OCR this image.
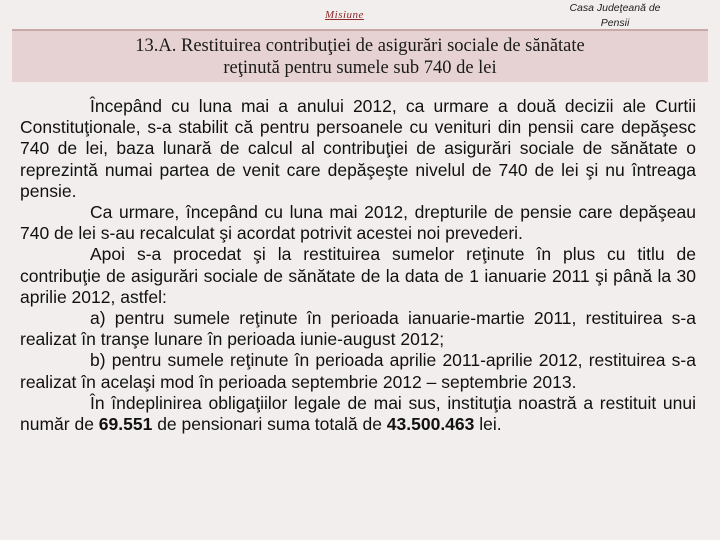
Misiune
Casa Judeţeană de Pensii
13.A. Restituirea contribuţiei de asigurări sociale de sănătate
reţinută pentru sumele sub 740 de lei

Începând cu luna mai a anului 2012, ca urmare a două decizii ale Curtii Constituţionale, s-a stabilit că pentru persoanele cu venituri din pensii care depăşesc 740 de lei, baza lunară de calcul al contribuţiei de asigurări sociale de sănătate o reprezintă numai partea de venit care depăşeşte nivelul de 740 de lei şi nu întreaga pensie.

Ca urmare, începând cu luna mai 2012, drepturile de pensie care depăşeau 740 de lei s-au recalculat şi acordat potrivit acestei noi prevederi.

Apoi s-a procedat şi la restituirea sumelor reţinute în plus cu titlu de contribuţie de asigurări sociale de sănătate de la data de 1 ianuarie 2011 şi până la 30 aprilie 2012, astfel:

a) pentru sumele reţinute în perioada ianuarie-martie 2011, restituirea s-a realizat în tranşe lunare în perioada iunie-august 2012;

b) pentru sumele reţinute în perioada aprilie 2011-aprilie 2012, restituirea s-a realizat în acelaşi mod în perioada septembrie 2012 – septembrie 2013.

În îndeplinirea obligaţiilor legale de mai sus, instituţia noastră a restituit unui număr de 69.551 de pensionari suma totală de 43.500.463 lei.
